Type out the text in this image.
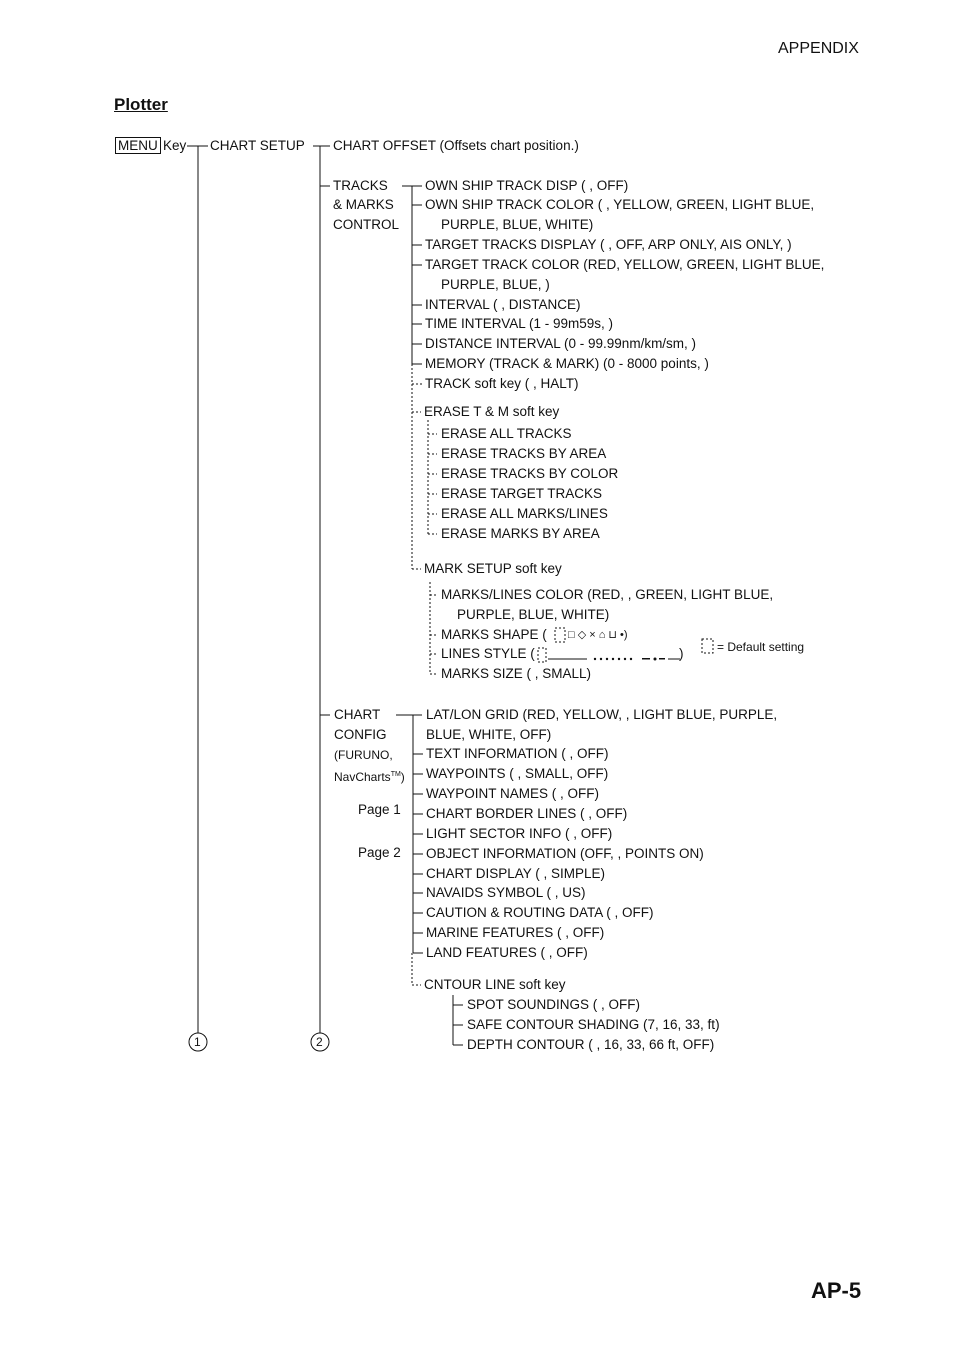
APPENDIX
Plotter
MENU Key CHART SETUP CHART OFFSET (Offsets chart position.)
TRACKS
& MARKS
CONTROL
OWN SHIP TRACK DISP ( , OFF)
OWN SHIP TRACK COLOR ( , YELLOW, GREEN, LIGHT BLUE,
PURPLE, BLUE, WHITE)
TARGET TRACKS DISPLAY ( , OFF, ARP ONLY, AIS ONLY, )
TARGET TRACK COLOR (RED, YELLOW, GREEN, LIGHT BLUE,
PURPLE, BLUE, )
INTERVAL ( , DISTANCE)
TIME INTERVAL (1 - 99m59s, )
DISTANCE INTERVAL (0 - 99.99nm/km/sm, )
MEMORY (TRACK & MARK) (0 - 8000 points, )
TRACK soft key ( , HALT)
ERASE T & M soft key
ERASE ALL TRACKS
ERASE TRACKS BY AREA
ERASE TRACKS BY COLOR
ERASE TARGET TRACKS
ERASE ALL MARKS/LINES
ERASE MARKS BY AREA
MARK SETUP soft key
MARKS/LINES COLOR (RED, , GREEN, LIGHT BLUE,
PURPLE, BLUE, WHITE)
MARKS SHAPE ( □ ◇ × ⌂ ⊔ •)
LINES STYLE (	)
MARKS SIZE ( , SMALL)
= Default setting
CHART
CONFIG
(FURUNO,
NavCharts™)
Page 1
Page 2
LAT/LON GRID (RED, YELLOW, , LIGHT BLUE, PURPLE,
BLUE, WHITE, OFF)
TEXT INFORMATION ( , OFF)
WAYPOINTS ( , SMALL, OFF)
WAYPOINT NAMES ( , OFF)
CHART BORDER LINES ( , OFF)
LIGHT SECTOR INFO ( , OFF)
OBJECT INFORMATION (OFF, , POINTS ON)
CHART DISPLAY ( , SIMPLE)
NAVAIDS SYMBOL ( , US)
CAUTION & ROUTING DATA ( , OFF)
MARINE FEATURES ( , OFF)
LAND FEATURES ( , OFF)
CNTOUR LINE soft key
SPOT SOUNDINGS ( , OFF)
SAFE CONTOUR SHADING (7, 16, 33, ft)
DEPTH CONTOUR ( , 16, 33, 66 ft, OFF)
1	2
AP-5
